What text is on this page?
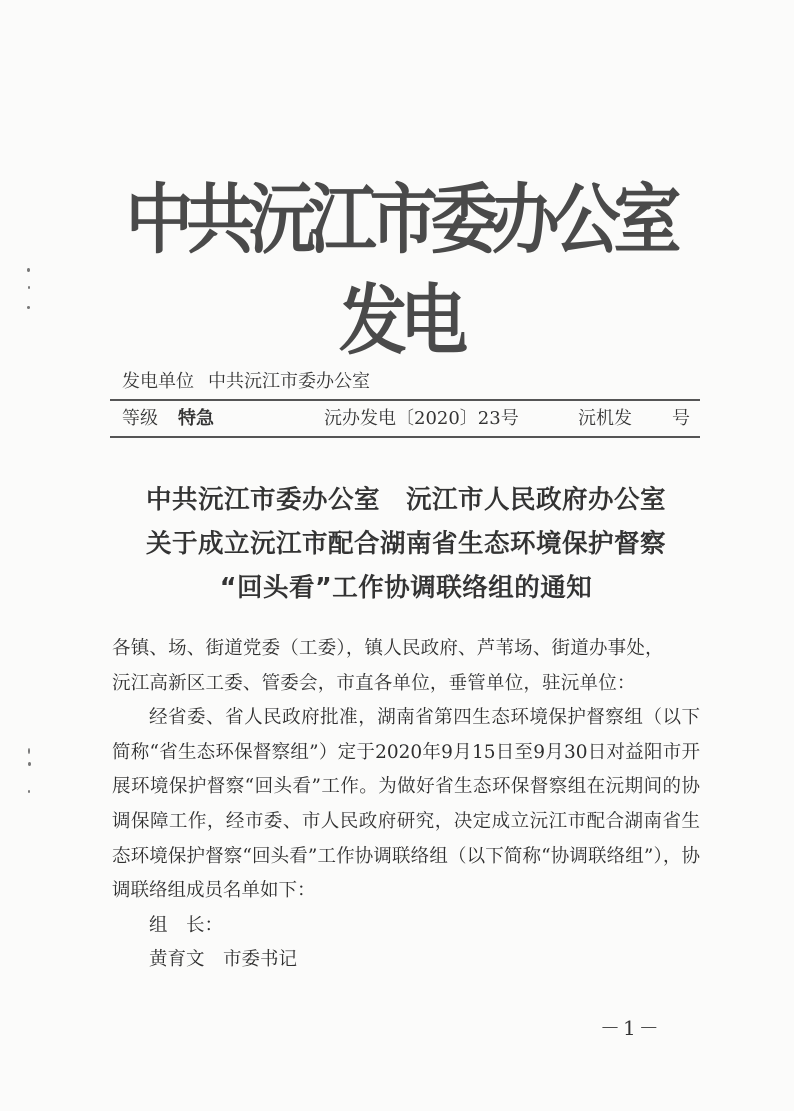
中共沅江市委办公室发电
发电单位 中共沅江市委办公室
等级 特急	沅办发电〔2020〕23号	沅机发 号
中共沅江市委办公室　沅江市人民政府办公室
关于成立沅江市配合湖南省生态环境保护督察
“回头看”工作协调联络组的通知

各镇、场、街道党委（工委），镇人民政府、芦苇场、街道办事处，

沅江高新区工委、管委会，市直各单位，垂管单位，驻沅单位：

经省委、省人民政府批准，湖南省第四生态环境保护督察组（以下简称“省生态环保督察组”）定于2020年9月15日至9月30日对益阳市开展环境保护督察“回头看”工作。为做好省生态环保督察组在沅期间的协调保障工作，经市委、市人民政府研究，决定成立沅江市配合湖南省生态环境保护督察“回头看”工作协调联络组（以下简称“协调联络组”），协调联络组成员名单如下：

组　长：

黄育文　市委书记

－1－
